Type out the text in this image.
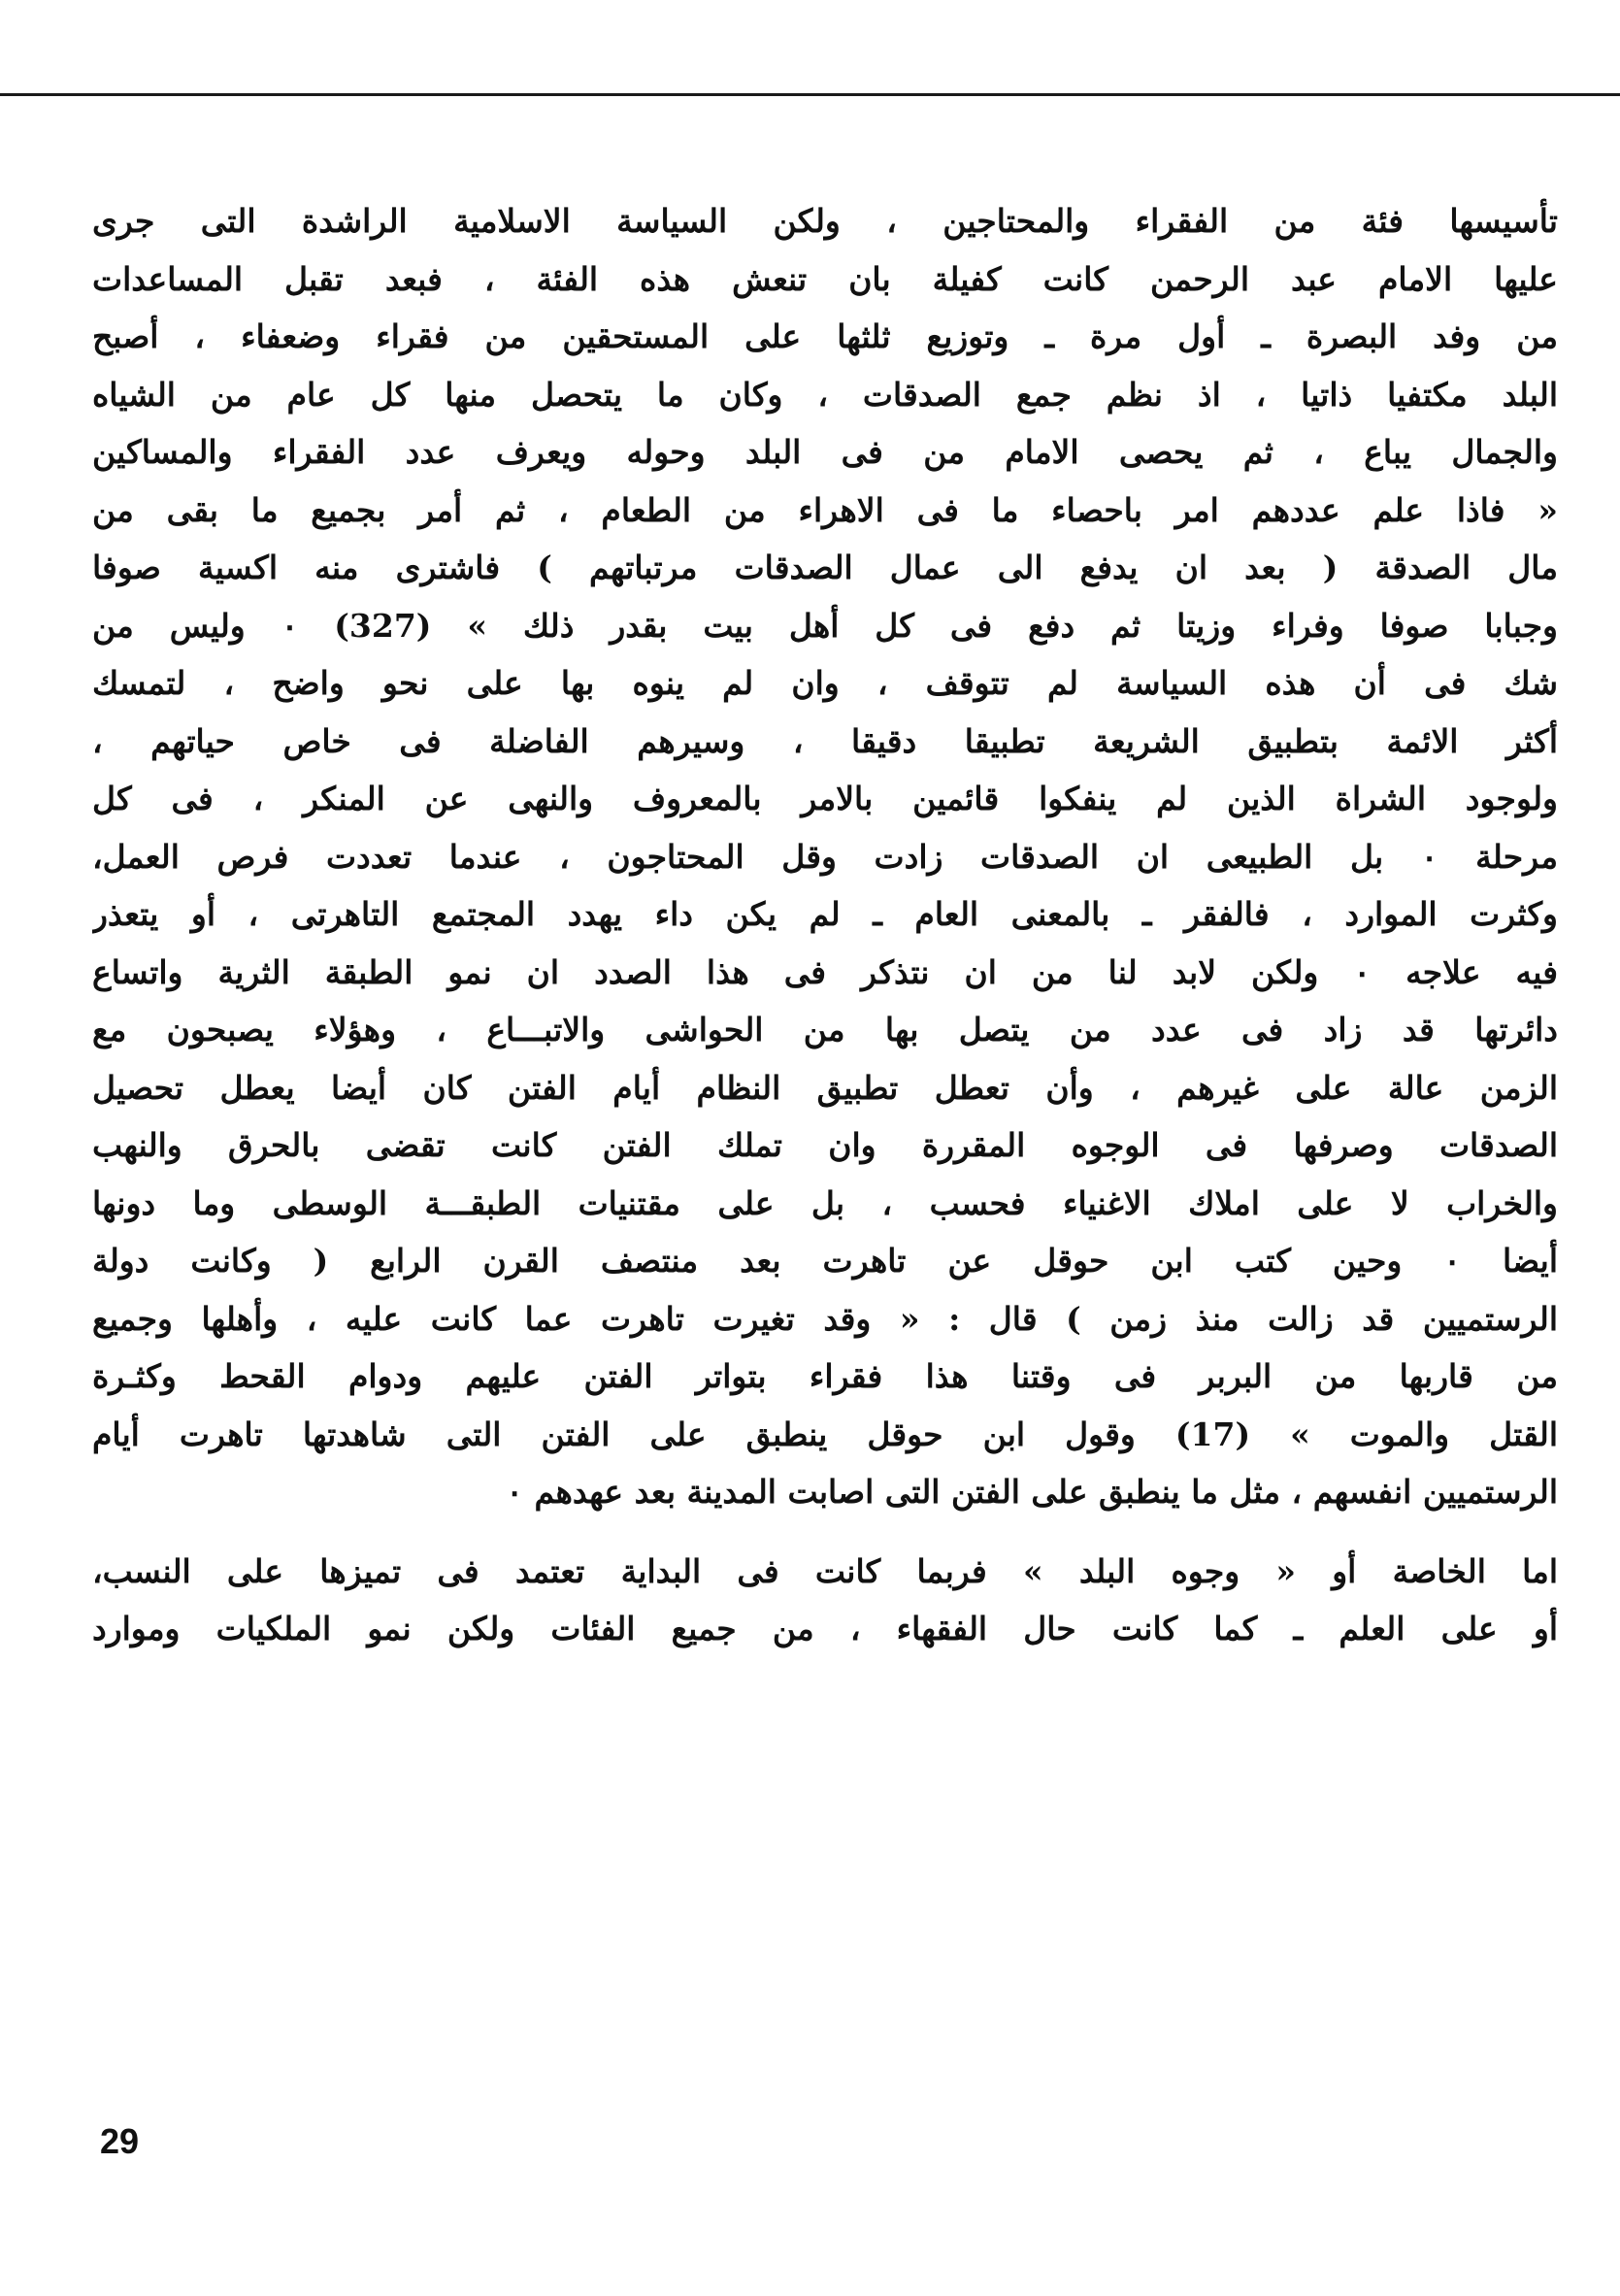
تأسيسها فئة من الفقراء والمحتاجين ، ولكن السياسة الاسلامية الراشدة التى جرى
عليها الامام عبد الرحمن كانت كفيلة بان تنعش هذه الفئة ، فبعد تقبل المساعدات
من وفد البصرة ـ أول مرة ـ وتوزيع ثلثها على المستحقين من فقراء وضعفاء ، أصبح
البلد مكتفيا ذاتيا ، اذ نظم جمع الصدقات ، وكان ما يتحصل منها كل عام من الشياه
والجمال يباع ، ثم يحصى الامام من فى البلد وحوله ويعرف عدد الفقراء والمساكين
« فاذا علم عددهم امر باحصاء ما فى الاهراء من الطعام ، ثم أمر بجميع ما بقى من
مال الصدقة ( بعد ان يدفع الى عمال الصدقات مرتباتهم ) فاشترى منه اكسية صوفا
وجبابا صوفا وفراء وزيتا ثم دفع فى كل أهل بيت بقدر ذلك » (327) ٠ وليس من
شك فى أن هذه السياسة لم تتوقف ، وان لم ينوه بها على نحو واضح ، لتمسك
أكثر الائمة بتطبيق الشريعة تطبيقا دقيقا ، وسيرهم الفاضلة فى خاص حياتهم ،
ولوجود الشراة الذين لم ينفكوا قائمين بالامر بالمعروف والنهى عن المنكر ، فى كل
مرحلة ٠ بل الطبيعى ان الصدقات زادت وقل المحتاجون ، عندما تعددت فرص العمل،
وكثرت الموارد ، فالفقر ـ بالمعنى العام ـ لم يكن داء يهدد المجتمع التاهرتى ، أو يتعذر
فيه علاجه ٠ ولكن لابد لنا من ان نتذكر فى هذا الصدد ان نمو الطبقة الثرية واتساع
دائرتها قد زاد فى عدد من يتصل بها من الحواشى والاتبـــاع ، وهؤلاء يصبحون مع
الزمن عالة على غيرهم ، وأن تعطل تطبيق النظام أيام الفتن كان أيضا يعطل تحصيل
الصدقات وصرفها فى الوجوه المقررة وان تملك الفتن كانت تقضى بالحرق والنهب
والخراب لا على املاك الاغنياء فحسب ، بل على مقتنيات الطبقـــة الوسطى وما دونها
أيضا ٠ وحين كتب ابن حوقل عن تاهرت بعد منتصف القرن الرابع ( وكانت دولة
الرستميين قد زالت منذ زمن ) قال : « وقد تغيرت تاهرت عما كانت عليه ، وأهلها وجميع
من قاربها من البربر فى وقتنا هذا فقراء بتواتر الفتن عليهم ودوام القحط وكثـرة
القتل والموت » (17) وقول ابن حوقل ينطبق على الفتن التى شاهدتها تاهرت أيام
الرستميين انفسهم ، مثل ما ينطبق على الفتن التى اصابت المدينة بعد عهدهم ٠
اما الخاصة أو « وجوه البلد » فربما كانت فى البداية تعتمد فى تميزها على النسب،
أو على العلم ـ كما كانت حال الفقهاء ، من جميع الفئات ولكن نمو الملكيات وموارد
29
